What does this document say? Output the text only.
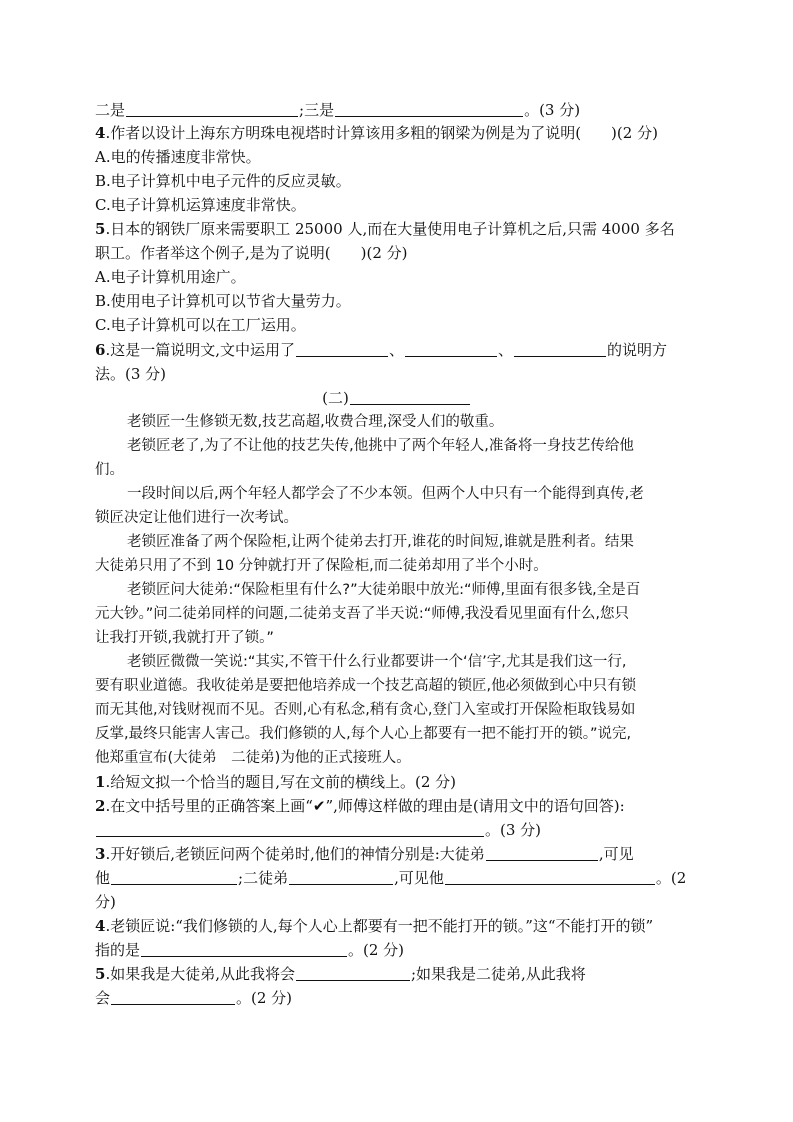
二是	;三是	。(3 分)
4.作者以设计上海东方明珠电视塔时计算该用多粗的钢梁为例是为了说明(　　)(2 分)
A.电的传播速度非常快。
B.电子计算机中电子元件的反应灵敏。
C.电子计算机运算速度非常快。
5.日本的钢铁厂原来需要职工 25000 人,而在大量使用电子计算机之后,只需 4000 多名
职工。作者举这个例子,是为了说明(　　)(2 分)
A.电子计算机用途广。
B.使用电子计算机可以节省大量劳力。
C.电子计算机可以在工厂运用。
6.这是一篇说明文,文中运用了	、	、	的说明方
法。(3 分)
(二)
老锁匠一生修锁无数,技艺高超,收费合理,深受人们的敬重。
老锁匠老了,为了不让他的技艺失传,他挑中了两个年轻人,准备将一身技艺传给他
们。
一段时间以后,两个年轻人都学会了不少本领。但两个人中只有一个能得到真传,老
锁匠决定让他们进行一次考试。
老锁匠准备了两个保险柜,让两个徒弟去打开,谁花的时间短,谁就是胜利者。结果
大徒弟只用了不到 10 分钟就打开了保险柜,而二徒弟却用了半个小时。
老锁匠问大徒弟:“保险柜里有什么?”大徒弟眼中放光:“师傅,里面有很多钱,全是百
元大钞。”问二徒弟同样的问题,二徒弟支吾了半天说:“师傅,我没看见里面有什么,您只
让我打开锁,我就打开了锁。”
老锁匠微微一笑说:“其实,不管干什么行业都要讲一个‘信’字,尤其是我们这一行,
要有职业道德。我收徒弟是要把他培养成一个技艺高超的锁匠,他必须做到心中只有锁
而无其他,对钱财视而不见。否则,心有私念,稍有贪心,登门入室或打开保险柜取钱易如
反掌,最终只能害人害己。我们修锁的人,每个人心上都要有一把不能打开的锁。”说完,
他郑重宣布(大徒弟　二徒弟)为他的正式接班人。
1.给短文拟一个恰当的题目,写在文前的横线上。(2 分)
2.在文中括号里的正确答案上画“✔”,师傅这样做的理由是(请用文中的语句回答):
。(3 分)
3.开好锁后,老锁匠问两个徒弟时,他们的神情分别是:大徒弟	,可见
他	;二徒弟	,可见他	。(2
分)
4.老锁匠说:“我们修锁的人,每个人心上都要有一把不能打开的锁。”这“不能打开的锁”
指的是	。(2 分)
5.如果我是大徒弟,从此我将会	;如果我是二徒弟,从此我将
会	。(2 分)
